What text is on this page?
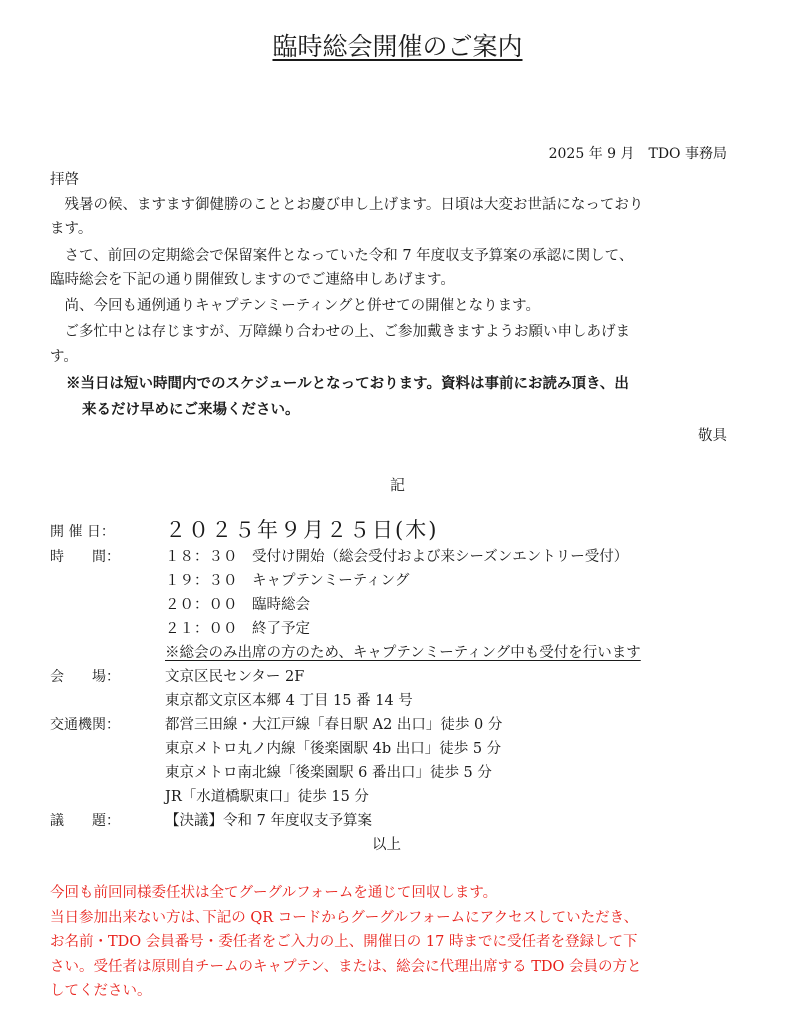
臨時総会開催のご案内
2025 年 9 月　TDO 事務局
拝啓
　残暑の候、ますます御健勝のこととお慶び申し上げます。日頃は大変お世話になっており
ます。
　さて、前回の定期総会で保留案件となっていた令和 7 年度収支予算案の承認に関して、
臨時総会を下記の通り開催致しますのでご連絡申しあげます。
　尚、今回も通例通りキャプテンミーティングと併せての開催となります。
　ご多忙中とは存じますが、万障繰り合わせの上、ご参加戴きますようお願い申しあげま
す。
※当日は短い時間内でのスケジュールとなっております。資料は事前にお読み頂き、出
来るだけ早めにご来場ください。
敬具
記
開 催 日： ２０２５年９月２５日(木)
時　　間：	１８：３０　受付け開始（総会受付および来シーズンエントリー受付）
１９：３０　キャプテンミーティング
２０：００　臨時総会
２１：００　終了予定
※総会のみ出席の方のため、キャプテンミーティング中も受付を行います
会　　場：	文京区民センター 2F
東京都文京区本郷 4 丁目 15 番 14 号
交通機関：	都営三田線・大江戸線「春日駅 A2 出口」徒歩 0 分
東京メトロ丸ノ内線「後楽園駅 4b 出口」徒歩 5 分
東京メトロ南北線「後楽園駅 6 番出口」徒歩 5 分
JR「水道橋駅東口」徒歩 15 分
議　　題：	【決議】令和 7 年度収支予算案
以上
今回も前回同様委任状は全てグーグルフォームを通じて回収します。
当日参加出来ない方は､下記の QR コードからグーグルフォームにアクセスしていただき、
お名前・TDO 会員番号・委任者をご入力の上、開催日の 17 時までに受任者を登録して下
さい。受任者は原則自チームのキャプテン、または、総会に代理出席する TDO 会員の方と
してください。
